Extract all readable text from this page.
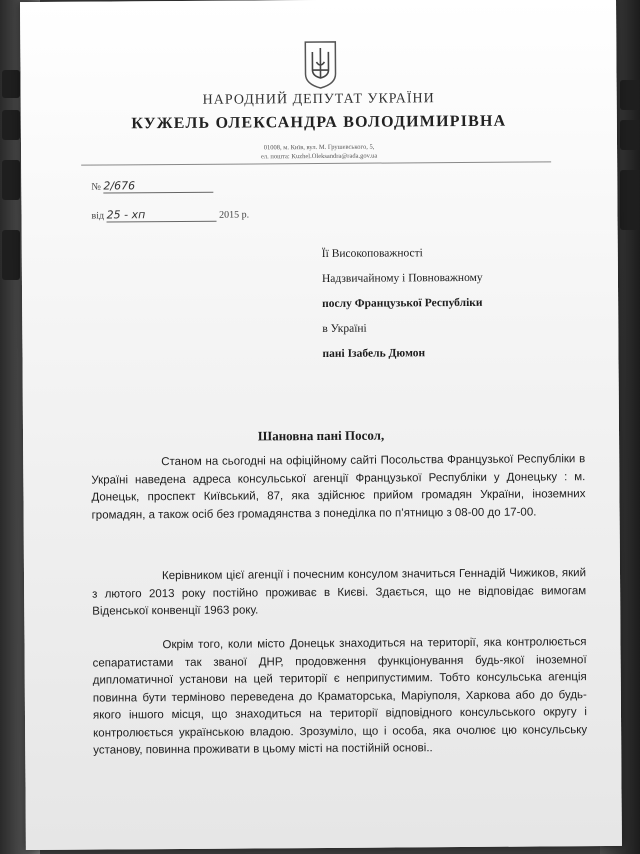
НАРОДНИЙ ДЕПУТАТ УКРАЇНИ
КУЖЕЛЬ ОЛЕКСАНДРА ВОЛОДИМИРІВНА
01008, м. Київ, вул. М. Грушевського, 5,
ел. пошта: Kuzhel.Oleksandra@rada.gov.ua
№ 2/676
від 25 - хп	2015 р.
Її Високоповажності
Надзвичайному і Повноважному
послу Французької Республіки
в Україні
пані Ізабель Дюмон
Шановна пані Посол,
Станом на сьогодні на офіційному сайті Посольства Французької Республіки в Україні наведена адреса консульської агенції Французької Республіки у Донецьку : м. Донецьк, проспект Київський, 87, яка здійснює прийом громадян України, іноземних громадян, а також осіб без громадянства з понеділка по п’ятницю з 08-00 до 17-00.
Керівником цієї агенції і почесним консулом значиться Геннадій Чижиков, який з лютого 2013 року постійно проживає в Києві. Здається, що не відповідає вимогам Віденської конвенції 1963 року.
Окрім того, коли місто Донецьк знаходиться на території, яка контролюється сепаратистами так званої ДНР, продовження функціонування будь-якої іноземної дипломатичної установи на цей території є неприпустимим. Тобто консульська агенція повинна бути терміново переведена до Краматорська, Маріуполя, Харкова або до будь-якого іншого місця, що знаходиться на території відповідного консульського округу і контролюється українською владою. Зрозуміло, що і особа, яка очолює цю консульську установу, повинна проживати в цьому місті на постійній основі..
